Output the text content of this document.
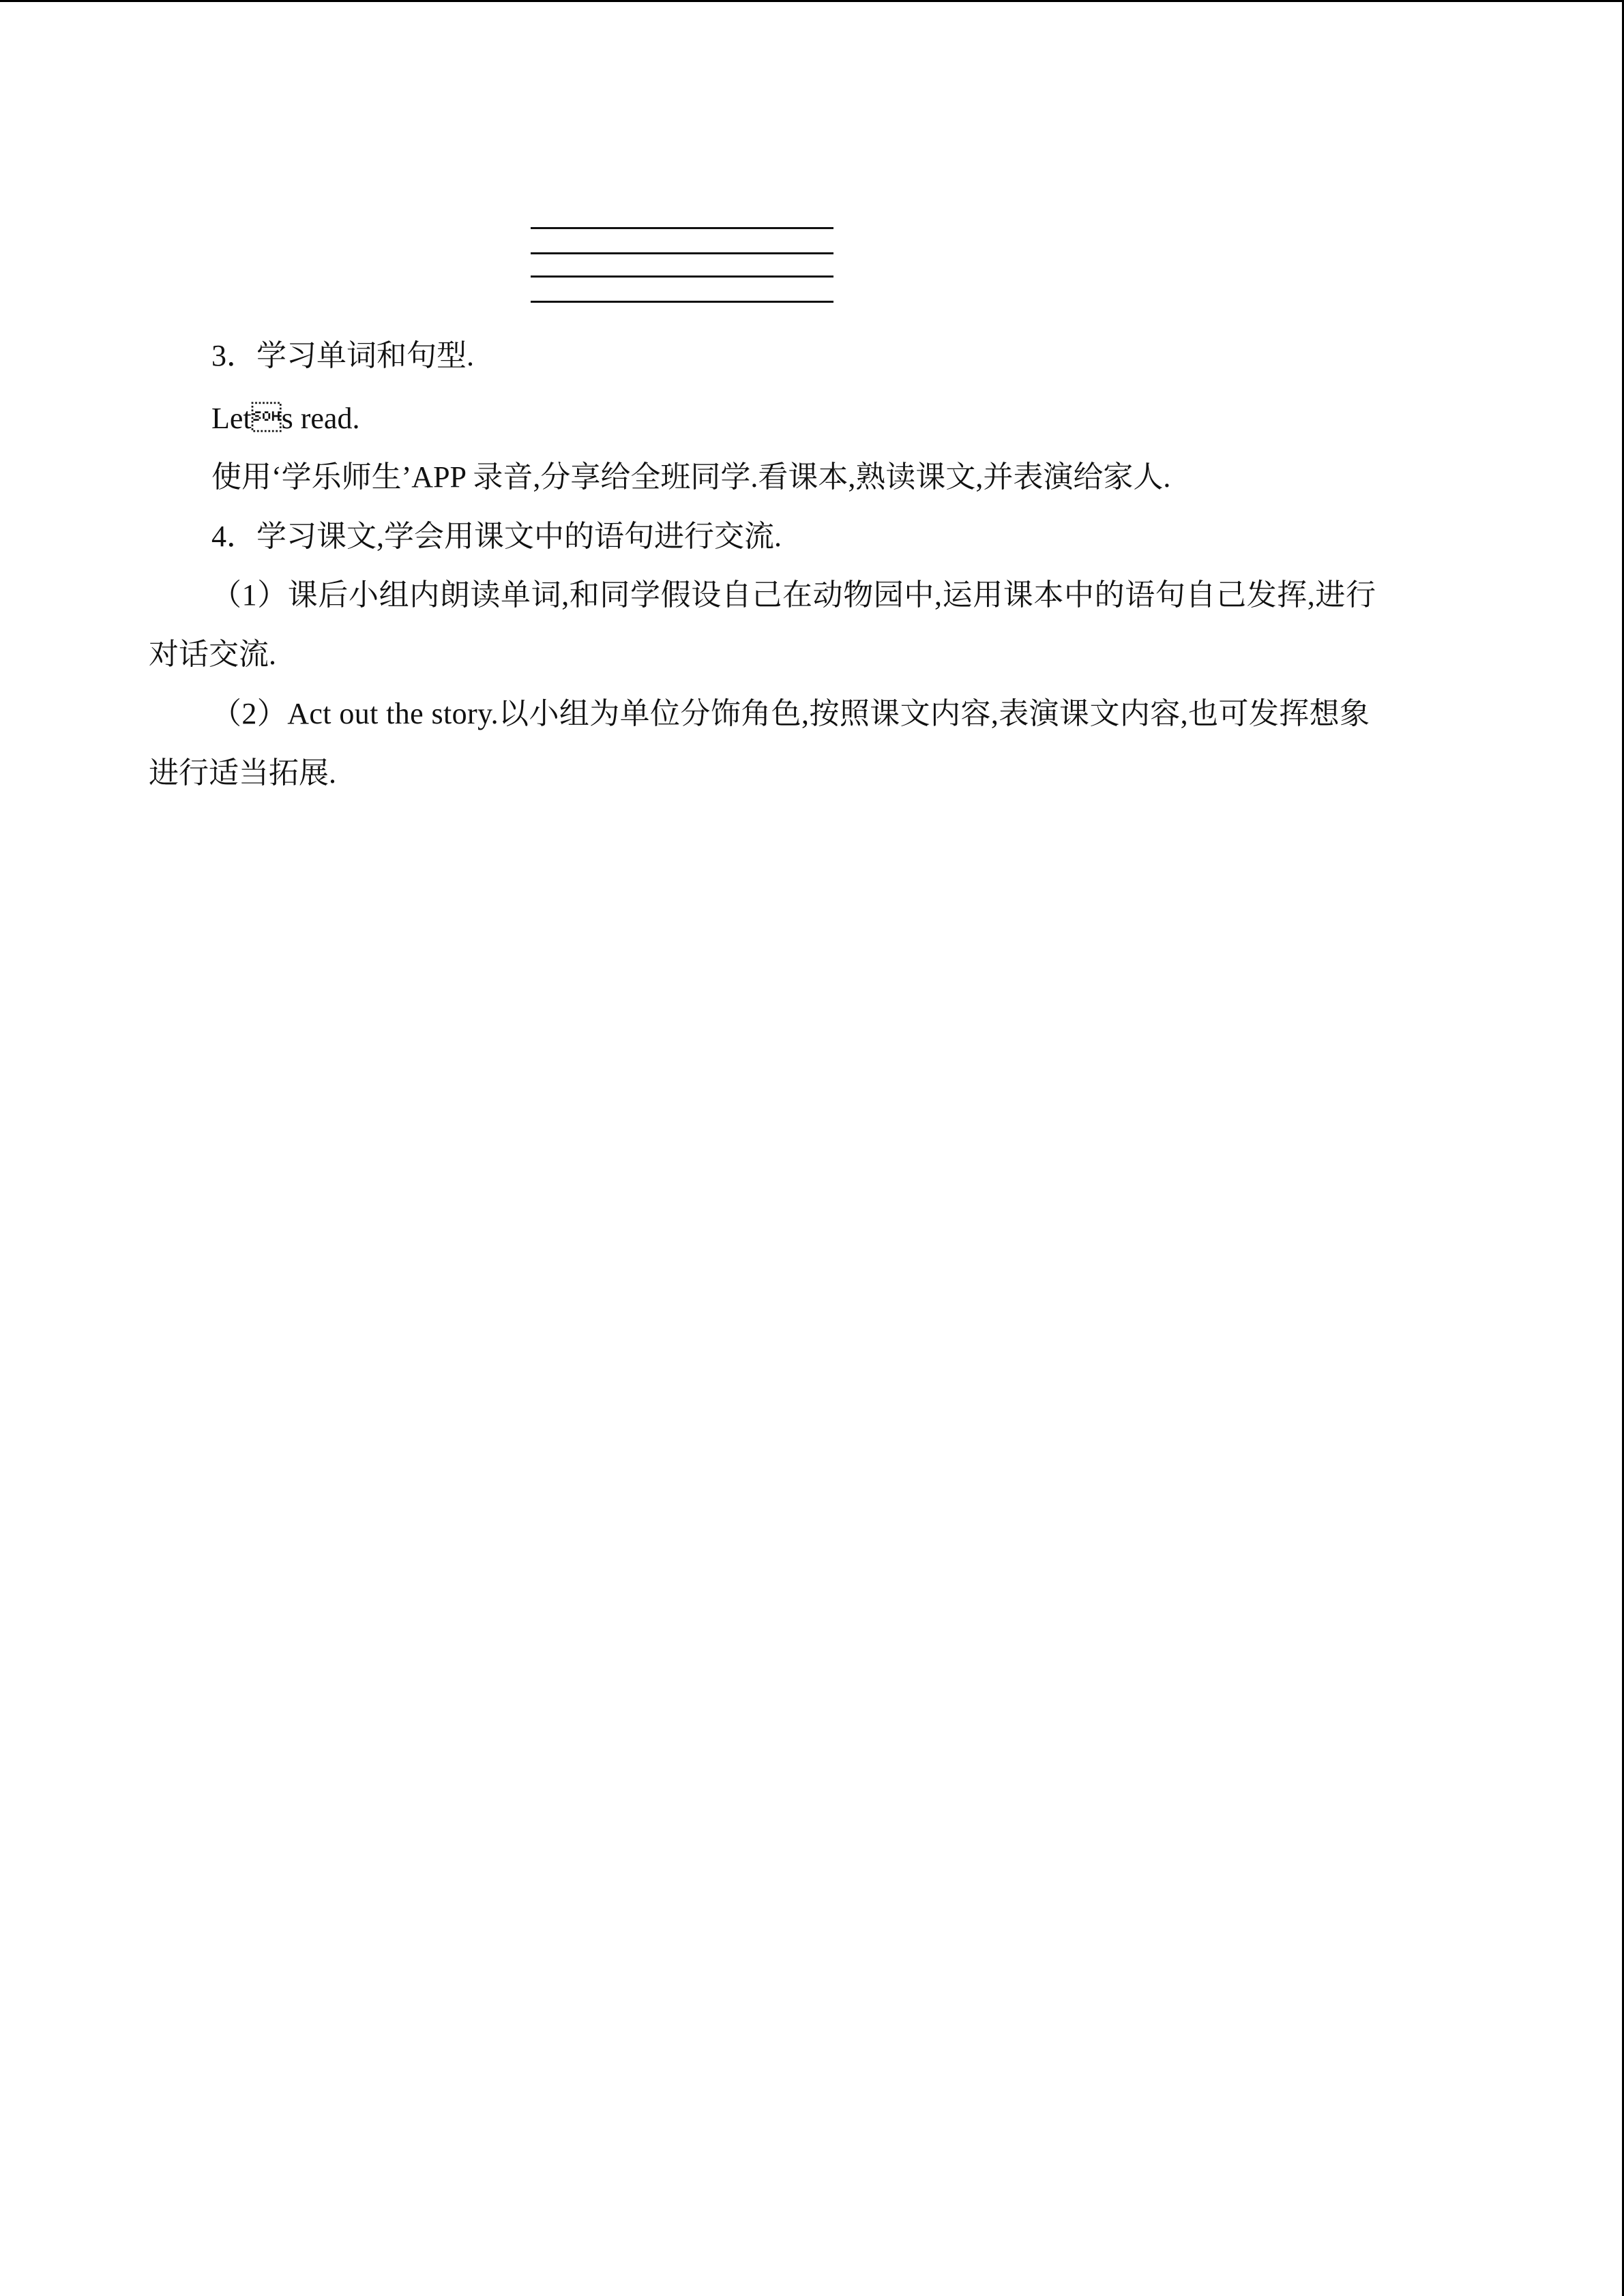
3．学习单词和句型.
Lets read.
使用‘学乐师生’APP 录音,分享给全班同学.看课本,熟读课文,并表演给家人.
4．学习课文,学会用课文中的语句进行交流.
（1）课后小组内朗读单词,和同学假设自己在动物园中,运用课本中的语句自己发挥,进行
对话交流.
（2）Act out the story.以小组为单位分饰角色,按照课文内容,表演课文内容,也可发挥想象
进行适当拓展.
